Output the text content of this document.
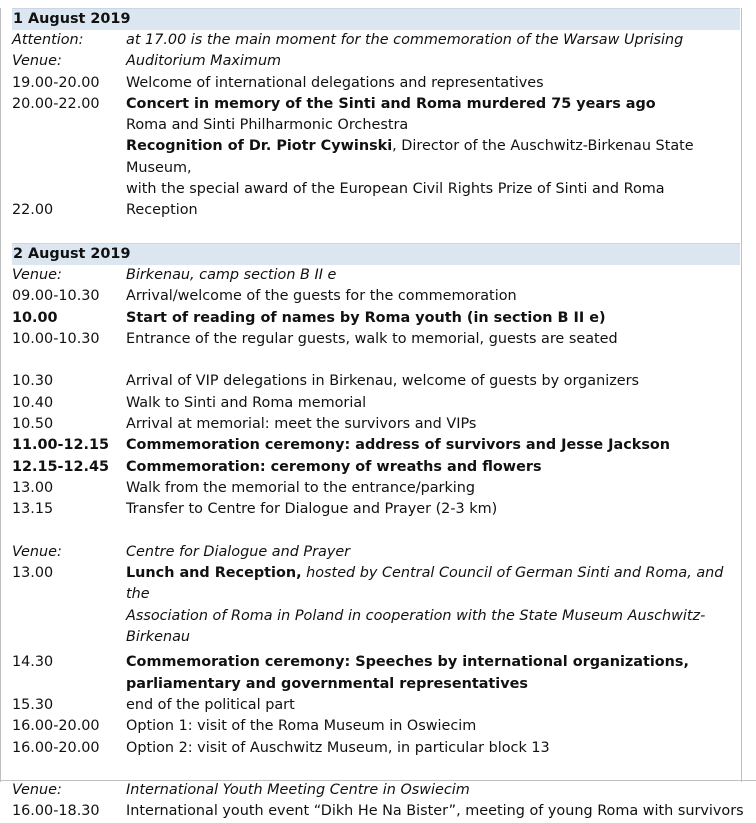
1 August 2019
Attention:	at 17.00 is the main moment for the commemoration of the Warsaw Uprising
Venue:	Auditorium Maximum
19.00-20.00	Welcome of international delegations and representatives
20.00-22.00	Concert in memory of the Sinti and Roma murdered 75 years ago
Roma and Sinti Philharmonic Orchestra
Recognition of Dr. Piotr Cywinski, Director of the Auschwitz-Birkenau State Museum,
with the special award of the European Civil Rights Prize of Sinti and Roma
22.00	Reception
2 August 2019
Venue:	Birkenau, camp section B II e
09.00-10.30	Arrival/welcome of the guests for the commemoration
10.00	Start of reading of names by Roma youth (in section B II e)
10.00-10.30	Entrance of the regular guests, walk to memorial, guests are seated
10.30	Arrival of VIP delegations in Birkenau, welcome of guests by organizers
10.40	Walk to Sinti and Roma memorial
10.50	Arrival at memorial: meet the survivors and VIPs
11.00-12.15	Commemoration ceremony: address of survivors and Jesse Jackson
12.15-12.45	Commemoration: ceremony of wreaths and flowers
13.00	Walk from the memorial to the entrance/parking
13.15	Transfer to Centre for Dialogue and Prayer (2-3 km)
Venue:	Centre for Dialogue and Prayer
13.00	Lunch and Reception, hosted by Central Council of German Sinti and Roma, and the
Association of Roma in Poland in cooperation with the State Museum Auschwitz-
Birkenau
14.30	Commemoration ceremony: Speeches by international organizations,
parliamentary and governmental representatives
15.30	end of the political part
16.00-20.00	Option 1: visit of the Roma Museum in Oswiecim
16.00-20.00	Option 2: visit of Auschwitz Museum, in particular block 13
Venue:	International Youth Meeting Centre in Oswiecim
16.00-18.30	International youth event “Dikh He Na Bister”, meeting of young Roma with survivors
